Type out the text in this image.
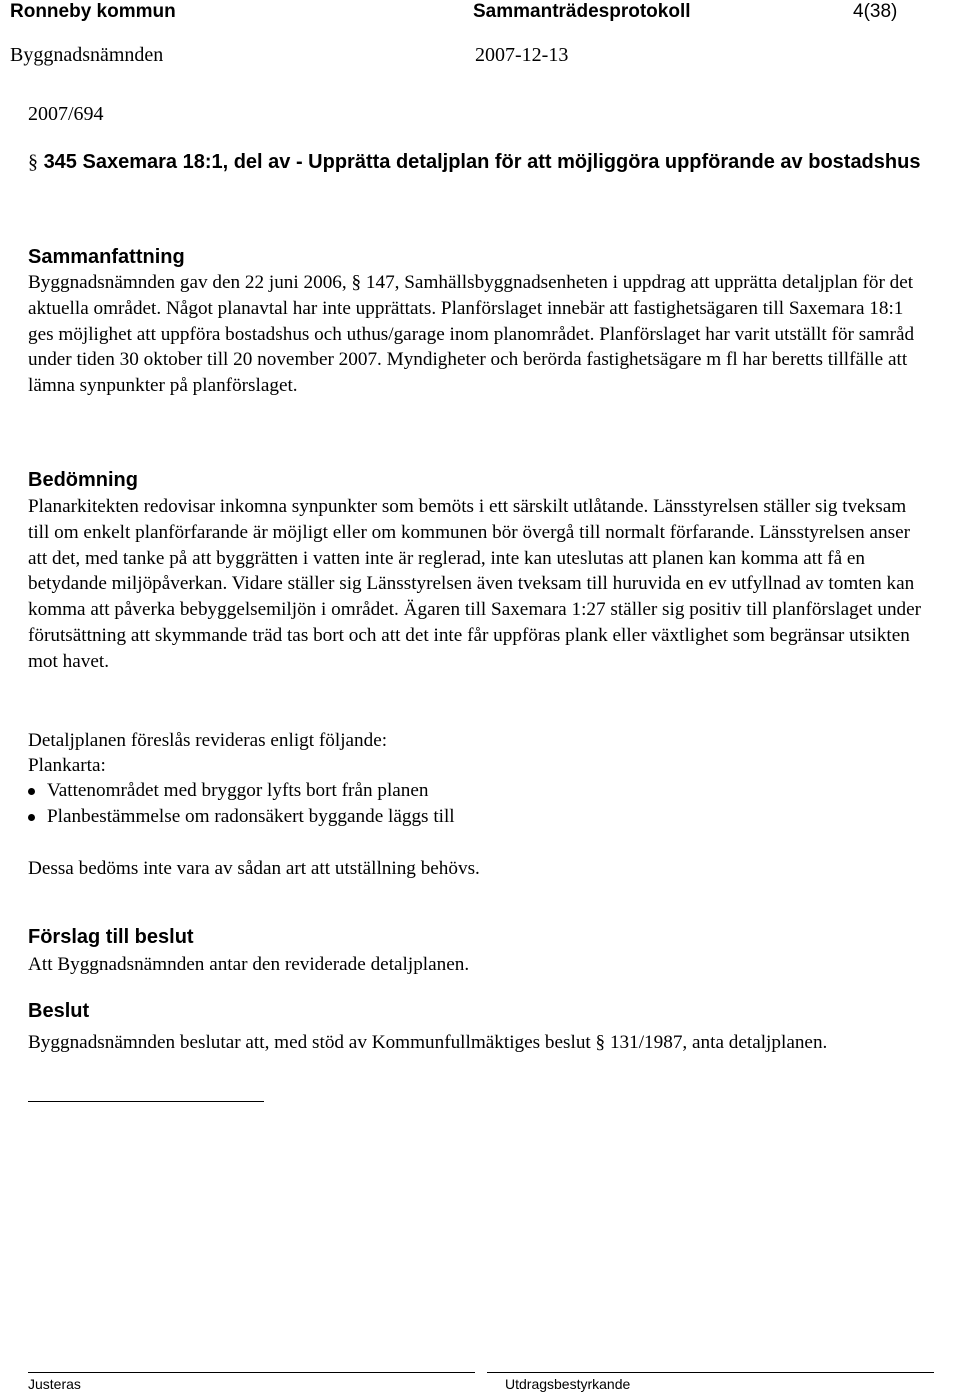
Ronneby kommun	Sammanträdesprotokoll	4(38)
Byggnadsnämnden	2007-12-13
2007/694
§ 345 Saxemara 18:1, del av - Upprätta detaljplan för att möjliggöra uppförande av bostadshus
Sammanfattning
Byggnadsnämnden gav den 22 juni 2006, § 147, Samhällsbyggnadsenheten i uppdrag att upprätta detaljplan för det aktuella området. Något planavtal har inte upprättats. Planförslaget innebär att fastighetsägaren till Saxemara 18:1 ges möjlighet att uppföra bostadshus och uthus/garage inom planområdet. Planförslaget har varit utställt för samråd under tiden 30 oktober till 20 november 2007. Myndigheter och berörda fastighetsägare m fl har beretts tillfälle att lämna synpunkter på planförslaget.
Bedömning
Planarkitekten redovisar inkomna synpunkter som bemöts i ett särskilt utlåtande. Länsstyrelsen ställer sig tveksam till om enkelt planförfarande är möjligt eller om kommunen bör övergå till normalt förfarande. Länsstyrelsen anser att det, med tanke på att byggrätten i vatten inte är reglerad, inte kan uteslutas att planen kan komma att få en betydande miljöpåverkan. Vidare ställer sig Länsstyrelsen även tveksam till huruvida en ev utfyllnad av tomten kan komma att påverka bebyggelsemiljön i området. Ägaren till Saxemara 1:27 ställer sig positiv till planförslaget under förutsättning att skymmande träd tas bort och att det inte får uppföras plank eller växtlighet som begränsar utsikten mot havet.
Detaljplanen föreslås revideras enligt följande:
Plankarta:
Vattenområdet med bryggor lyfts bort från planen
Planbestämmelse om radonsäkert byggande läggs till
Dessa bedöms inte vara av sådan art att utställning behövs.
Förslag till beslut
Att Byggnadsnämnden antar den reviderade detaljplanen.
Beslut
Byggnadsnämnden beslutar att, med stöd av Kommunfullmäktiges beslut § 131/1987, anta detaljplanen.
Justeras	Utdragsbestyrkande
